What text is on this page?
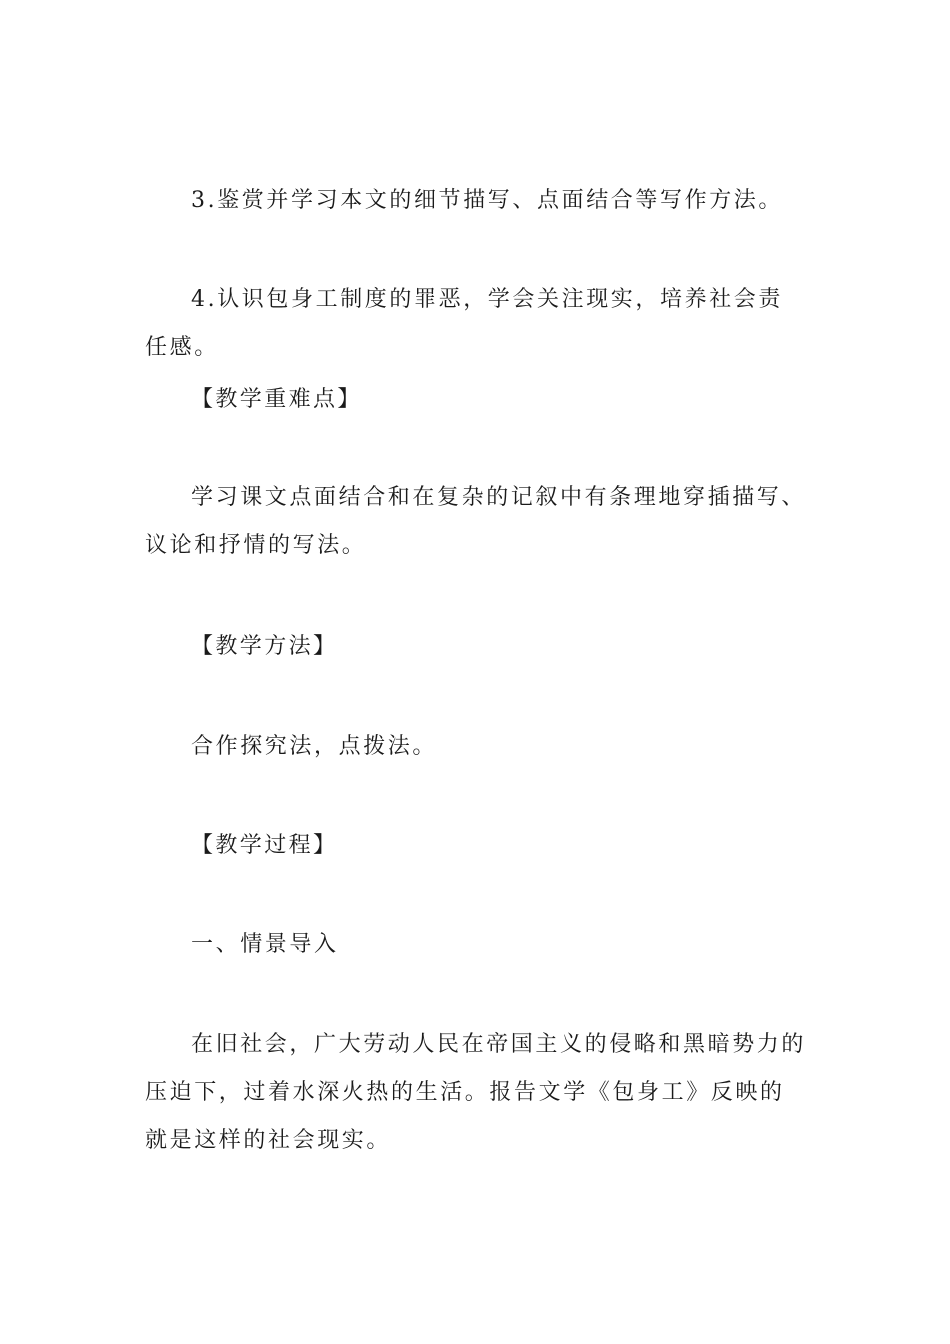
3.鉴赏并学习本文的细节描写、点面结合等写作方法。

4.认识包身工制度的罪恶，学会关注现实，培养社会责任感。

【教学重难点】

学习课文点面结合和在复杂的记叙中有条理地穿插描写、议论和抒情的写法。

【教学方法】

合作探究法，点拨法。

【教学过程】

一、情景导入

在旧社会，广大劳动人民在帝国主义的侵略和黑暗势力的压迫下，过着水深火热的生活。报告文学《包身工》反映的就是这样的社会现实。
